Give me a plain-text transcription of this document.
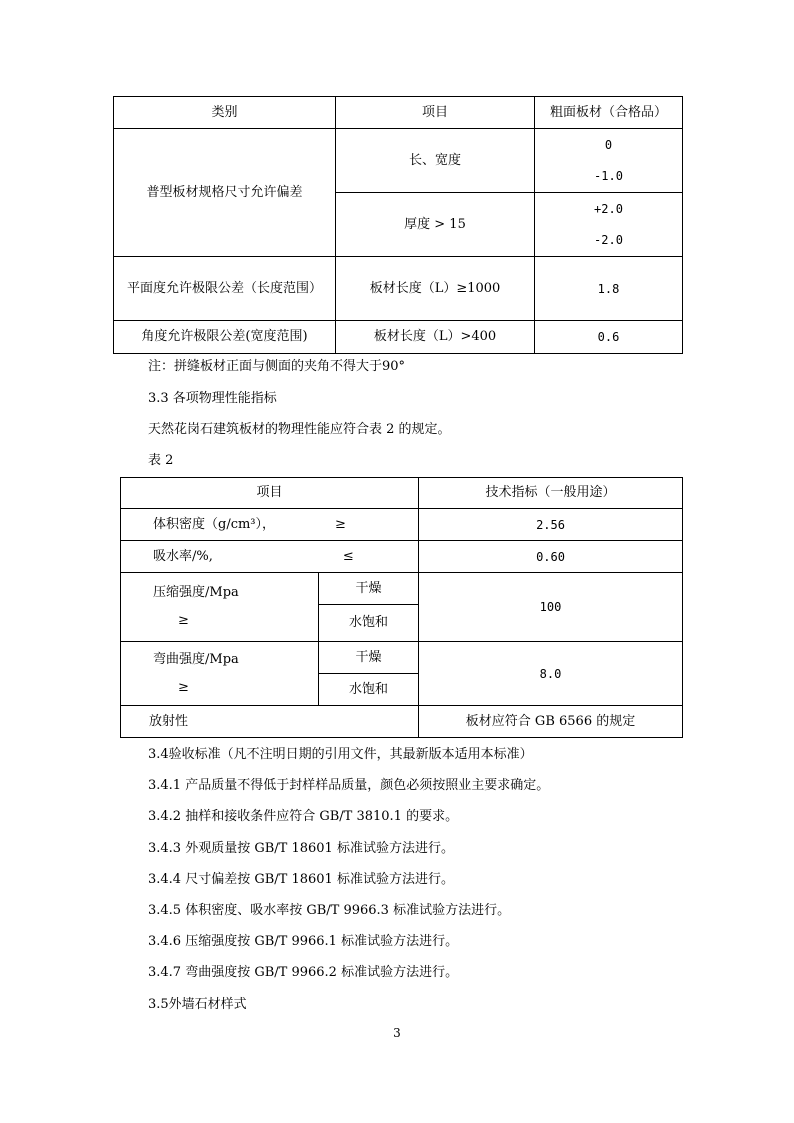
类别	项目	粗面板材（合格品）
普型板材规格尺寸允许偏差	长、宽度	0
-1.0

	厚度 > 15	+2.0
-2.0

平面度允许极限公差（长度范围）	板材长度（L）≥1000	1.8
角度允许极限公差(宽度范围)	板材长度（L）>400	0.6
注：拼缝板材正面与侧面的夹角不得大于90°
3.3 各项物理性能指标
天然花岗石建筑板材的物理性能应符合表 2 的规定。
表 2
项目		技术指标（一般用途）
体积密度（g/cm³）， ≥		2.56
吸水率/%, ≤		0.60

压缩强度/Mpa
≥	干燥	100
	水饱和	

弯曲强度/Mpa
≥	干燥	8.0
	水饱和	
放射性		板材应符合 GB 6566 的规定
3.4验收标准（凡不注明日期的引用文件，其最新版本适用本标准）
3.4.1 产品质量不得低于封样样品质量，颜色必须按照业主要求确定。
3.4.2 抽样和接收条件应符合 GB/T 3810.1 的要求。
3.4.3 外观质量按 GB/T 18601 标准试验方法进行。
3.4.4 尺寸偏差按 GB/T 18601 标准试验方法进行。
3.4.5 体积密度、吸水率按 GB/T 9966.3 标准试验方法进行。
3.4.6 压缩强度按 GB/T 9966.1 标准试验方法进行。
3.4.7 弯曲强度按 GB/T 9966.2 标准试验方法进行。
3.5外墙石材样式
3
